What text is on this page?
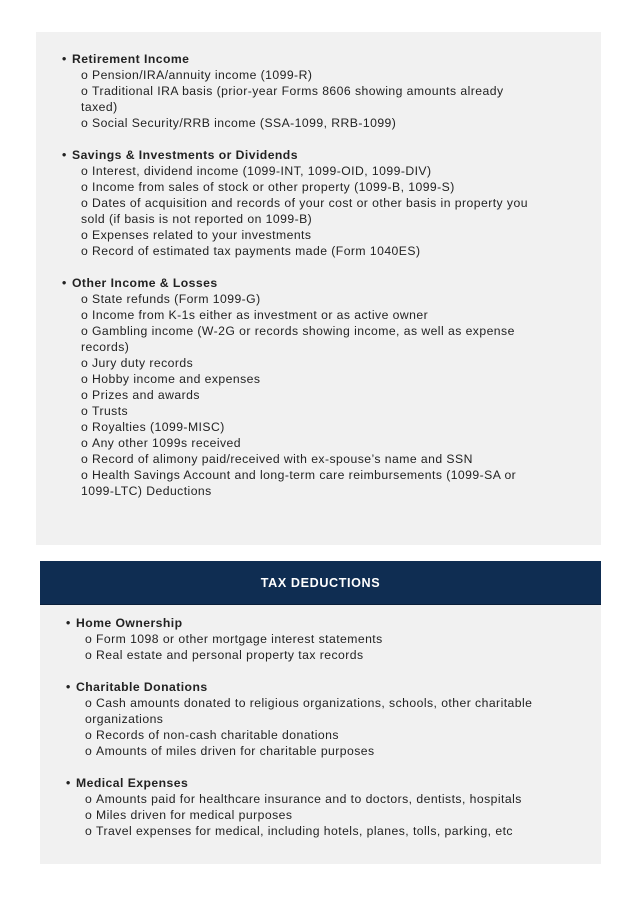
• Retirement Income
o Pension/IRA/annuity income (1099-R)
o Traditional IRA basis (prior-year Forms 8606 showing amounts already
taxed)
o Social Security/RRB income (SSA-1099, RRB-1099)
• Savings & Investments or Dividends
o Interest, dividend income (1099-INT, 1099-OID, 1099-DIV)
o Income from sales of stock or other property (1099-B, 1099-S)
o Dates of acquisition and records of your cost or other basis in property you
sold (if basis is not reported on 1099-B)
o Expenses related to your investments
o Record of estimated tax payments made (Form 1040ES)
• Other Income & Losses
o State refunds (Form 1099-G)
o Income from K-1s either as investment or as active owner
o Gambling income (W-2G or records showing income, as well as expense
records)
o Jury duty records
o Hobby income and expenses
o Prizes and awards
o Trusts
o Royalties (1099-MISC)
o Any other 1099s received
o Record of alimony paid/received with ex-spouse’s name and SSN
o Health Savings Account and long-term care reimbursements (1099-SA or
1099-LTC) Deductions
TAX DEDUCTIONS
• Home Ownership
o Form 1098 or other mortgage interest statements
o Real estate and personal property tax records
• Charitable Donations
o Cash amounts donated to religious organizations, schools, other charitable
organizations
o Records of non-cash charitable donations
o Amounts of miles driven for charitable purposes
• Medical Expenses
o Amounts paid for healthcare insurance and to doctors, dentists, hospitals
o Miles driven for medical purposes
o Travel expenses for medical, including hotels, planes, tolls, parking, etc
